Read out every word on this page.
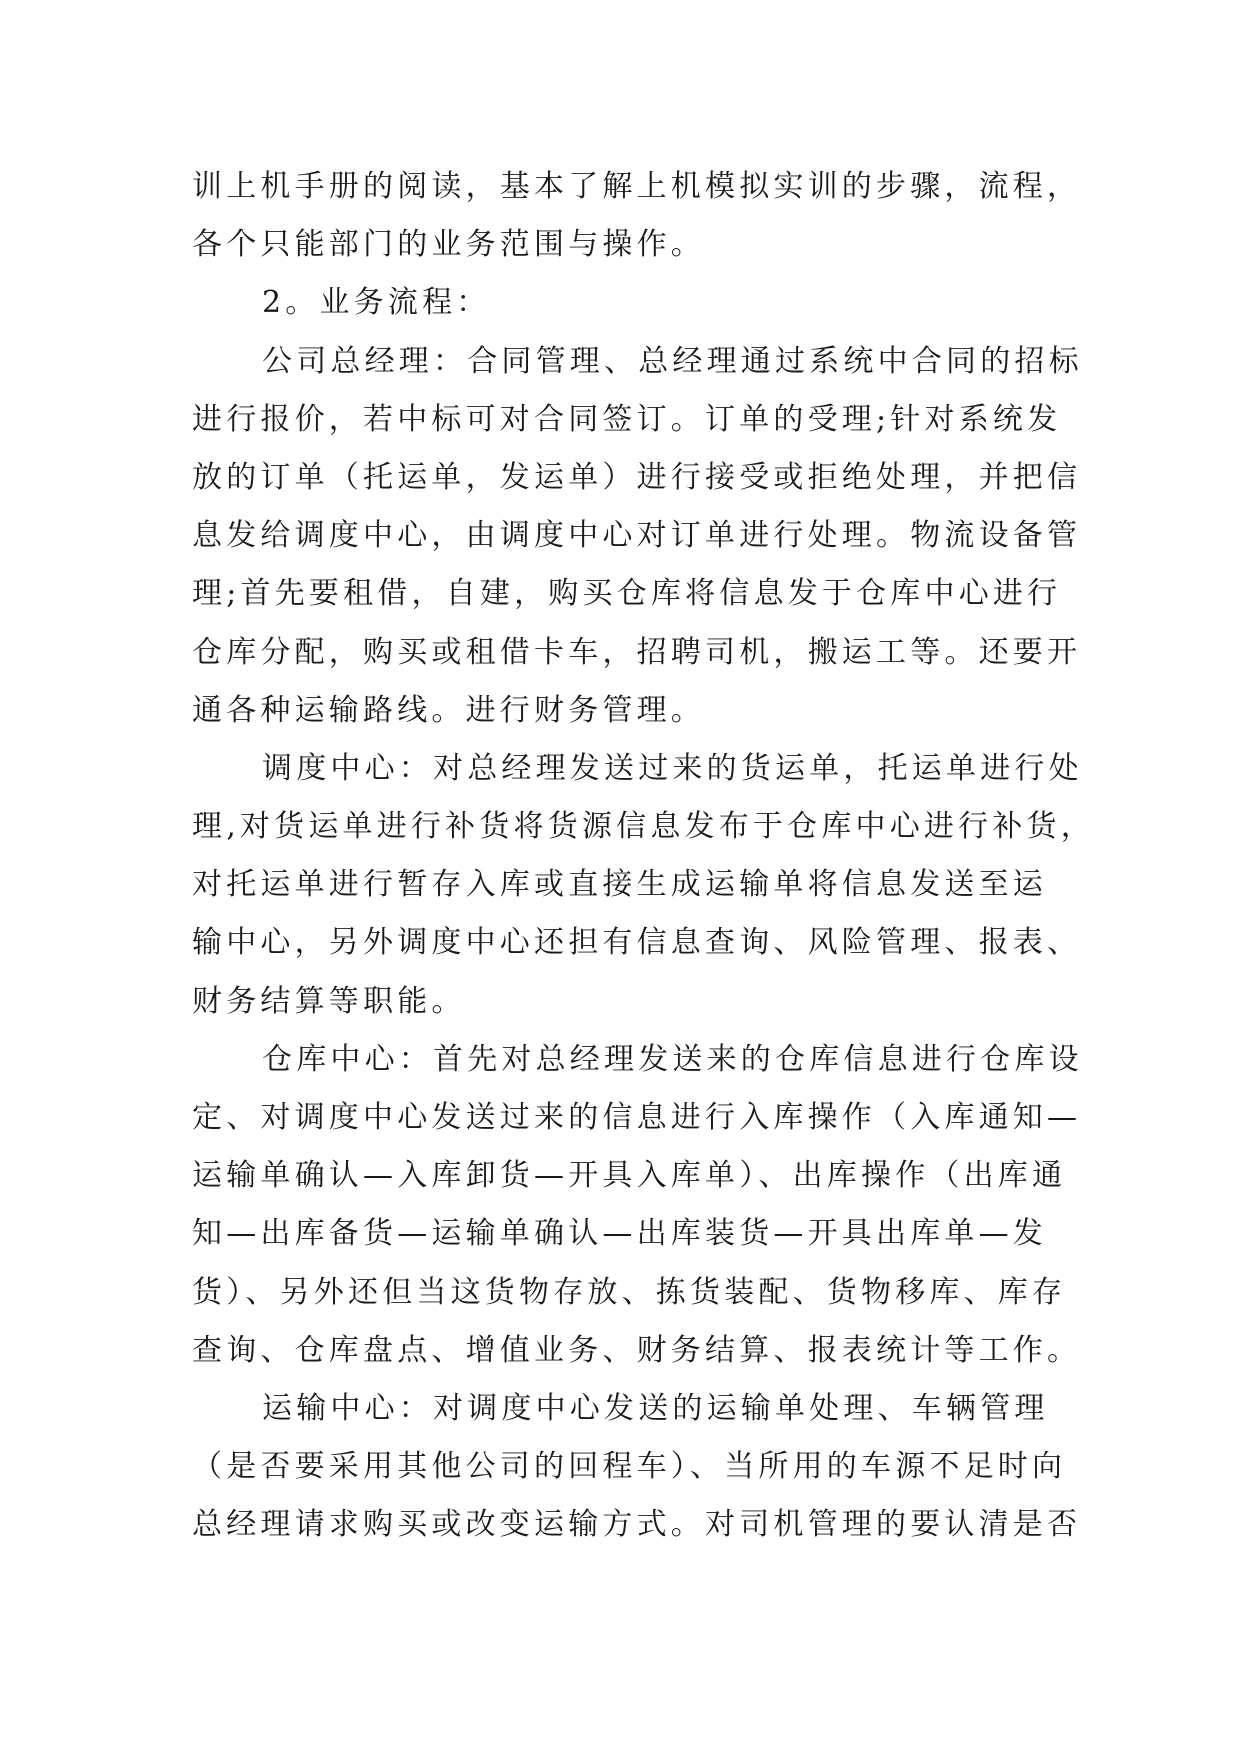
训上机手册的阅读，基本了解上机模拟实训的步骤，流程，
各个只能部门的业务范围与操作。
2。业务流程：
公司总经理：合同管理、总经理通过系统中合同的招标
进行报价，若中标可对合同签订。订单的受理;针对系统发
放的订单（托运单，发运单）进行接受或拒绝处理，并把信
息发给调度中心，由调度中心对订单进行处理。物流设备管
理;首先要租借，自建，购买仓库将信息发于仓库中心进行
仓库分配，购买或租借卡车，招聘司机，搬运工等。还要开
通各种运输路线。进行财务管理。
调度中心：对总经理发送过来的货运单，托运单进行处
理,对货运单进行补货将货源信息发布于仓库中心进行补货，
对托运单进行暂存入库或直接生成运输单将信息发送至运
输中心，另外调度中心还担有信息查询、风险管理、报表、
财务结算等职能。
仓库中心：首先对总经理发送来的仓库信息进行仓库设
定、对调度中心发送过来的信息进行入库操作（入库通知—
运输单确认—入库卸货—开具入库单）、出库操作（出库通
知—出库备货—运输单确认—出库装货—开具出库单—发
货）、另外还但当这货物存放、拣货装配、货物移库、库存
查询、仓库盘点、增值业务、财务结算、报表统计等工作。
运输中心：对调度中心发送的运输单处理、车辆管理
（是否要采用其他公司的回程车）、当所用的车源不足时向
总经理请求购买或改变运输方式。对司机管理的要认清是否
